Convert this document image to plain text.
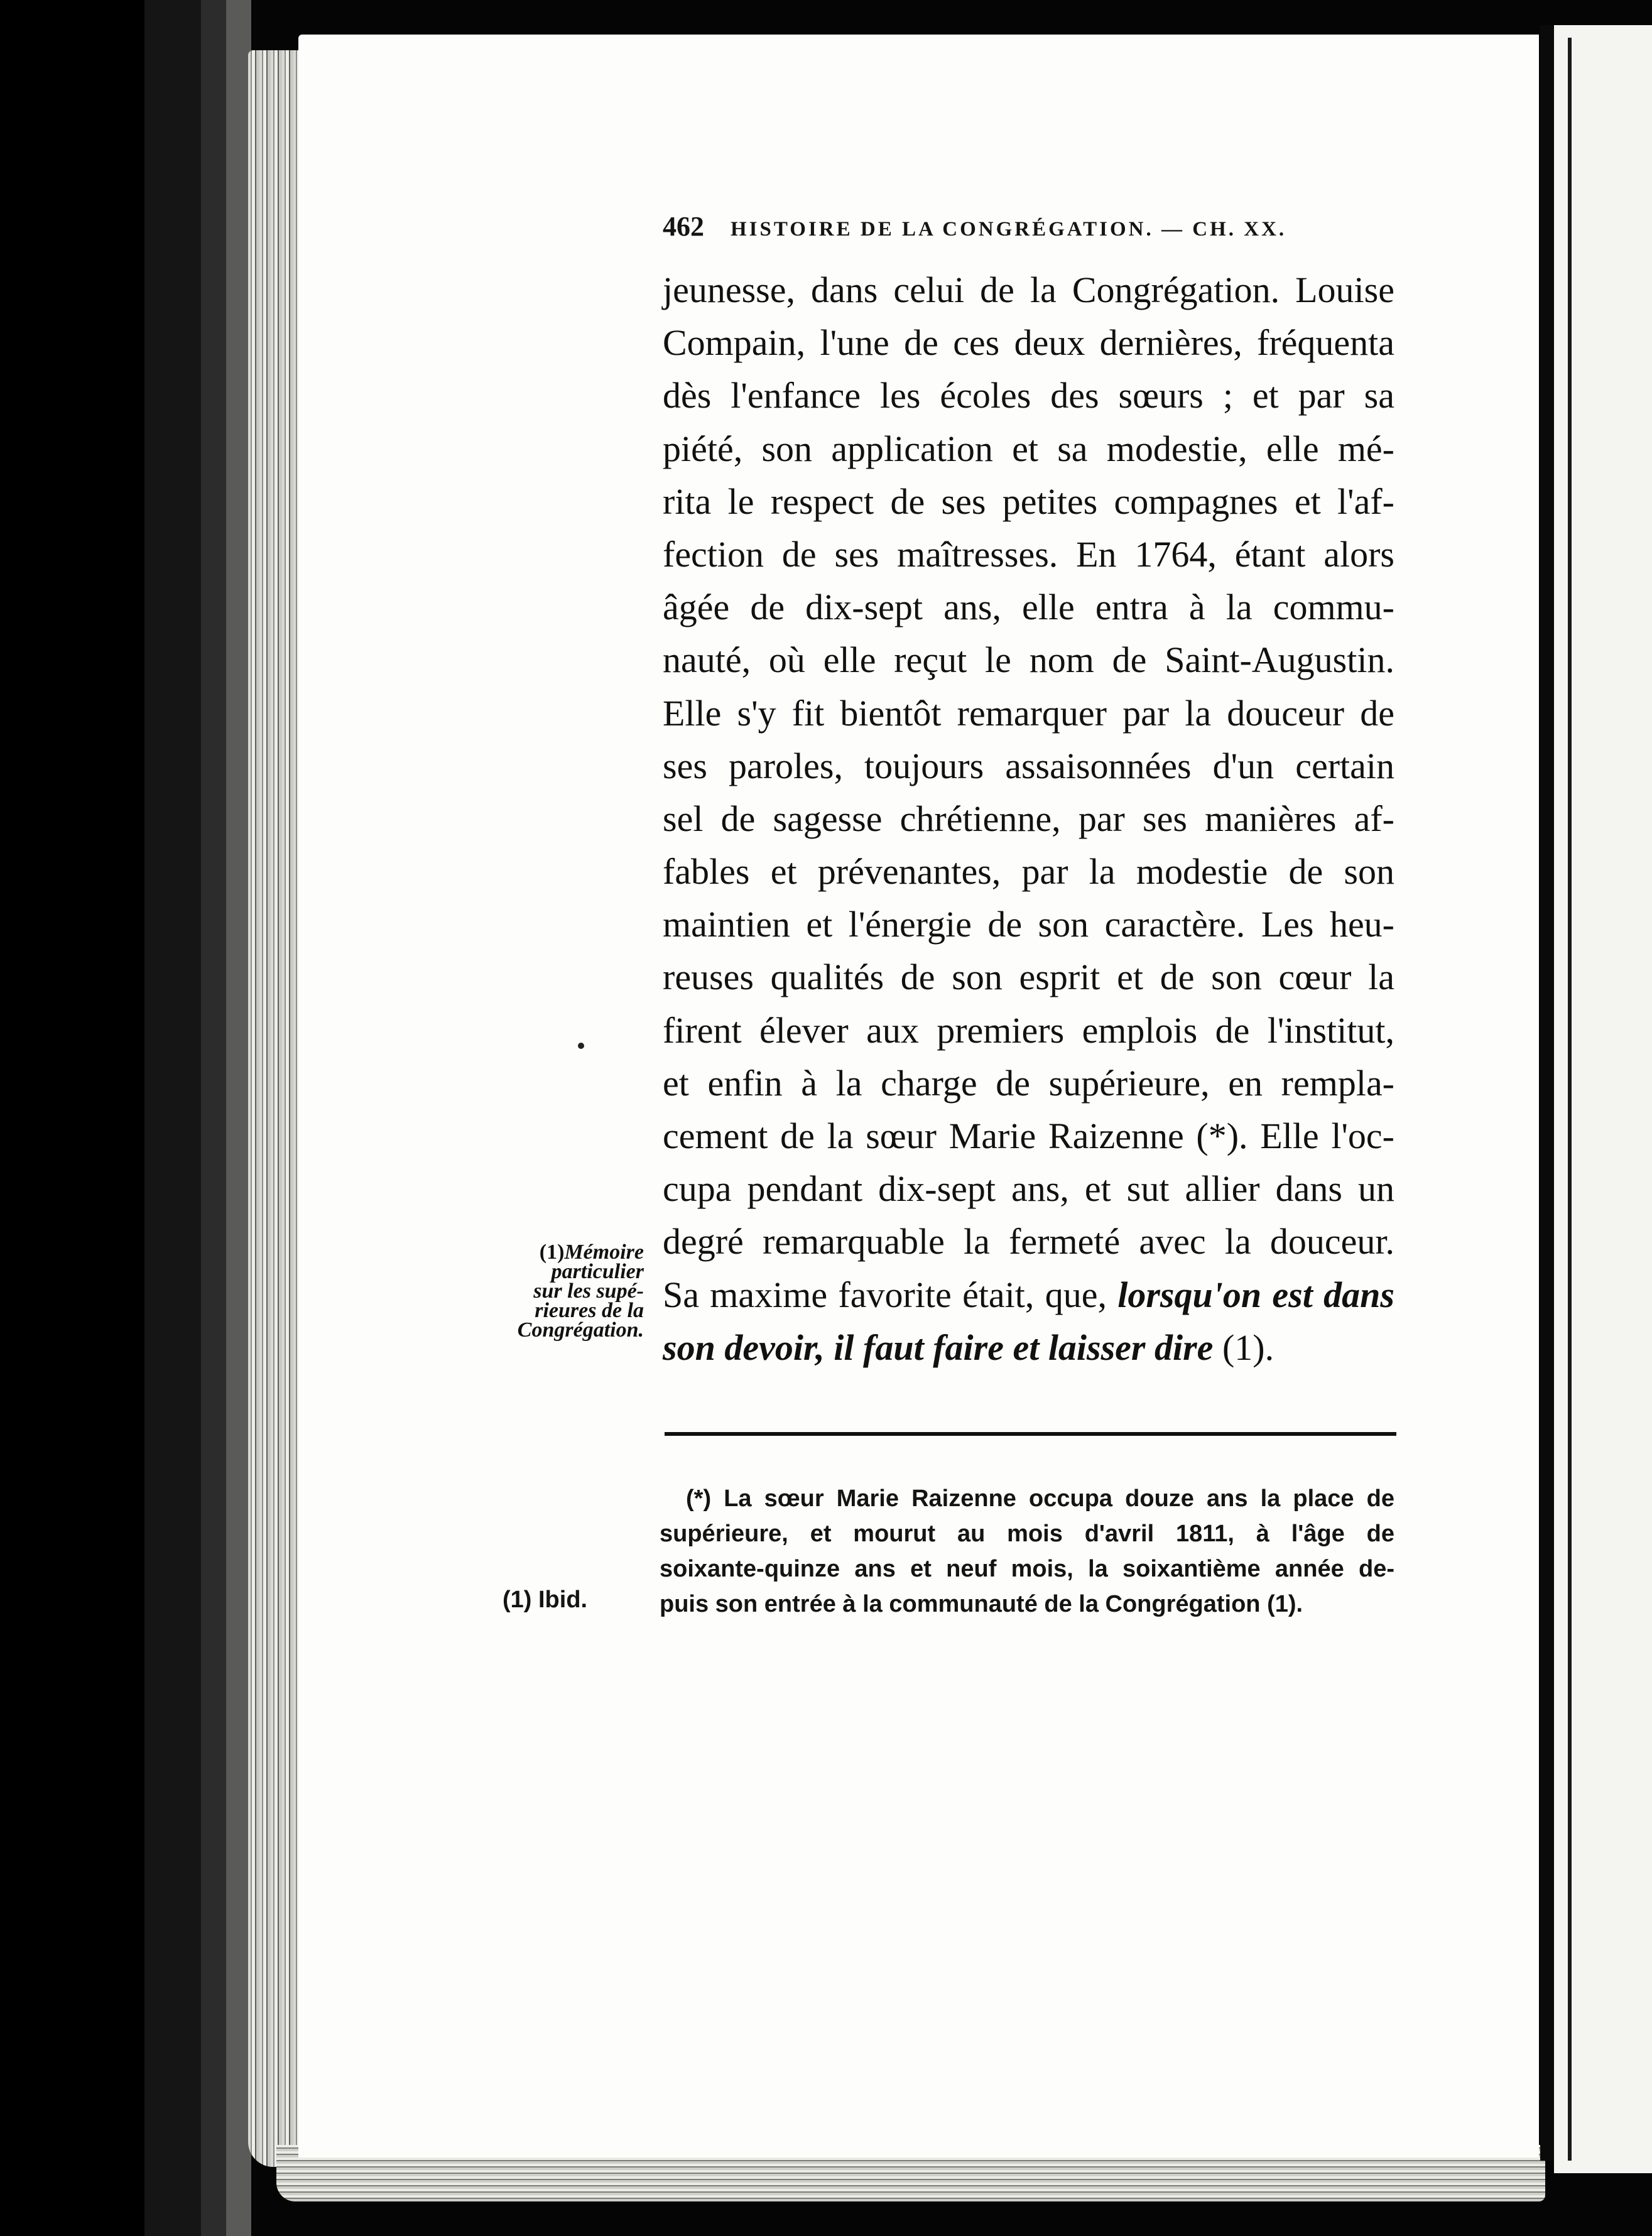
462 HISTOIRE DE LA CONGRÉGATION. — CH. XX.
jeunesse, dans celui de la Congrégation. Louise
Compain, l'une de ces deux dernières, fréquenta
dès l'enfance les écoles des sœurs ; et par sa
piété, son application et sa modestie, elle mé-
rita le respect de ses petites compagnes et l'af-
fection de ses maîtresses. En 1764, étant alors
âgée de dix-sept ans, elle entra à la commu-
nauté, où elle reçut le nom de Saint-Augustin.
Elle s'y fit bientôt remarquer par la douceur de
ses paroles, toujours assaisonnées d'un certain
sel de sagesse chrétienne, par ses manières af-
fables et prévenantes, par la modestie de son
maintien et l'énergie de son caractère. Les heu-
reuses qualités de son esprit et de son cœur la
firent élever aux premiers emplois de l'institut,
et enfin à la charge de supérieure, en rempla-
cement de la sœur Marie Raizenne (*). Elle l'oc-
cupa pendant dix-sept ans, et sut allier dans un
degré remarquable la fermeté avec la douceur.
Sa maxime favorite était, que, lorsqu'on est dans
son devoir, il faut faire et laisser dire (1).
(1)Mémoire
particulier
sur les supé-
rieures de la
Congrégation.
(*) La sœur Marie Raizenne occupa douze ans la place de
supérieure, et mourut au mois d'avril 1811, à l'âge de
soixante-quinze ans et neuf mois, la soixantième année de-
puis son entrée à la communauté de la Congrégation (1).
(1) Ibid.
